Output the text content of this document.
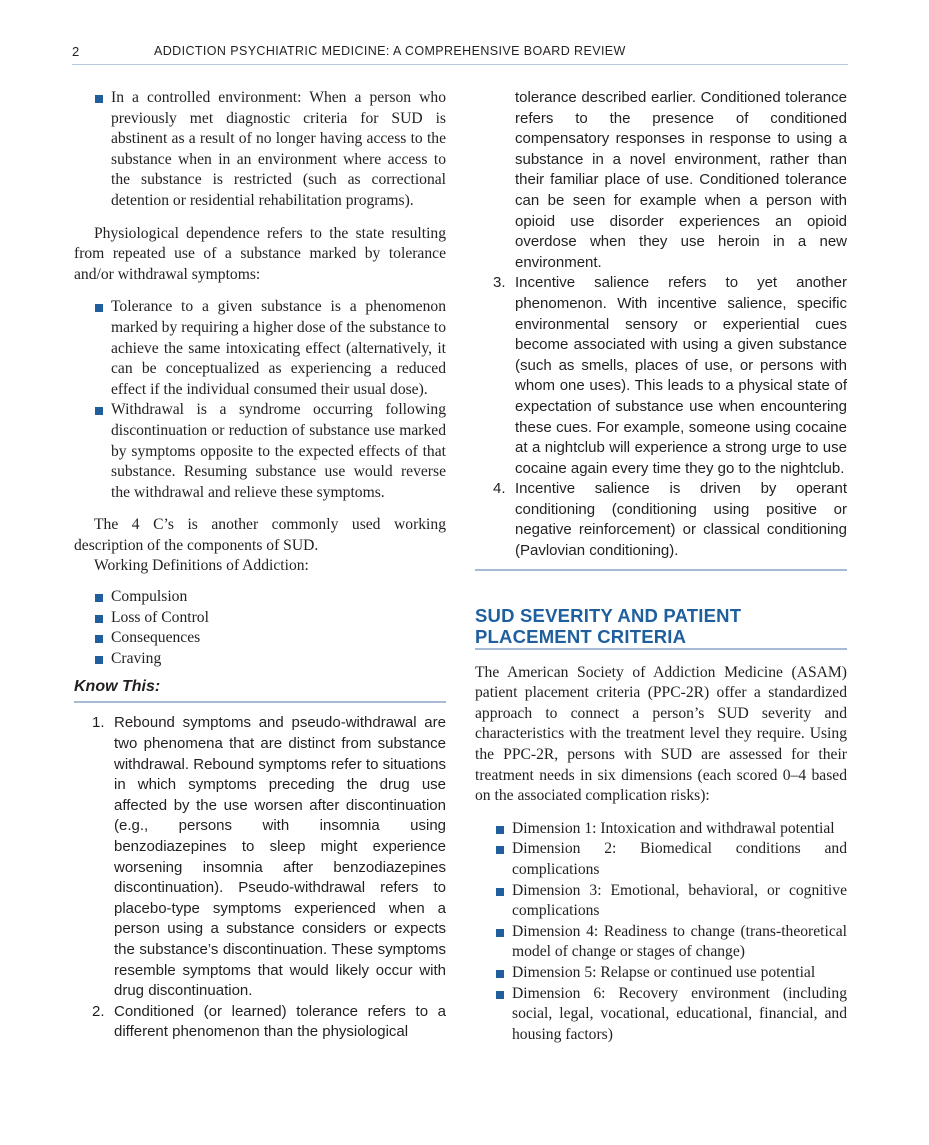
2	ADDICTION PSYCHIATRIC MEDICINE: A COMPREHENSIVE BOARD REVIEW
In a controlled environment: When a person who previously met diagnostic criteria for SUD is abstinent as a result of no longer having access to the substance when in an environment where access to the substance is restricted (such as correctional detention or residential rehabilitation programs).

Physiological dependence refers to the state resulting from repeated use of a substance marked by tolerance and/or withdrawal symptoms:

Tolerance to a given substance is a phenomenon marked by requiring a higher dose of the substance to achieve the same intoxicating effect (alternatively, it can be conceptualized as experiencing a reduced effect if the individual consumed their usual dose).
Withdrawal is a syndrome occurring following discontinuation or reduction of substance use marked by symptoms opposite to the expected effects of that substance. Resuming substance use would reverse the withdrawal and relieve these symptoms.

The 4 C’s is another commonly used working description of the components of SUD.

Working Definitions of Addiction:

Compulsion
Loss of Control
Consequences
Craving
Know This:
1. Rebound symptoms and pseudo-withdrawal are two phenomena that are distinct from substance withdrawal. Rebound symptoms refer to situations in which symptoms preceding the drug use affected by the use worsen after discontinuation (e.g., persons with insomnia using benzodiazepines to sleep might experience worsening insomnia after benzodiazepines discontinuation). Pseudo-withdrawal refers to placebo-type symptoms experienced when a person using a substance considers or expects the substance’s discontinuation. These symptoms resemble symptoms that would likely occur with drug discontinuation.
2. Conditioned (or learned) tolerance refers to a different phenomenon than the physiological
tolerance described earlier. Conditioned tolerance refers to the presence of conditioned compensatory responses in response to using a substance in a novel environment, rather than their familiar place of use. Conditioned tolerance can be seen for example when a person with opioid use disorder experiences an opioid overdose when they use heroin in a new environment.
3. Incentive salience refers to yet another phenomenon. With incentive salience, specific environmental sensory or experiential cues become associated with using a given substance (such as smells, places of use, or persons with whom one uses). This leads to a physical state of expectation of substance use when encountering these cues. For example, someone using cocaine at a nightclub will experience a strong urge to use cocaine again every time they go to the nightclub.
4. Incentive salience is driven by operant conditioning (conditioning using positive or negative reinforcement) or classical conditioning (Pavlovian conditioning).
SUD SEVERITY AND PATIENT
PLACEMENT CRITERIA

The American Society of Addiction Medicine (ASAM) patient placement criteria (PPC-2R) offer a standardized approach to connect a person’s SUD severity and characteristics with the treatment level they require. Using the PPC-2R, persons with SUD are assessed for their treatment needs in six dimensions (each scored 0–4 based on the associated complication risks):

Dimension 1: Intoxication and withdrawal potential
Dimension 2: Biomedical conditions and complications
Dimension 3: Emotional, behavioral, or cognitive complications
Dimension 4: Readiness to change (trans-theoretical model of change or stages of change)
Dimension 5: Relapse or continued use potential
Dimension 6: Recovery environment (including social, legal, vocational, educational, financial, and housing factors)
